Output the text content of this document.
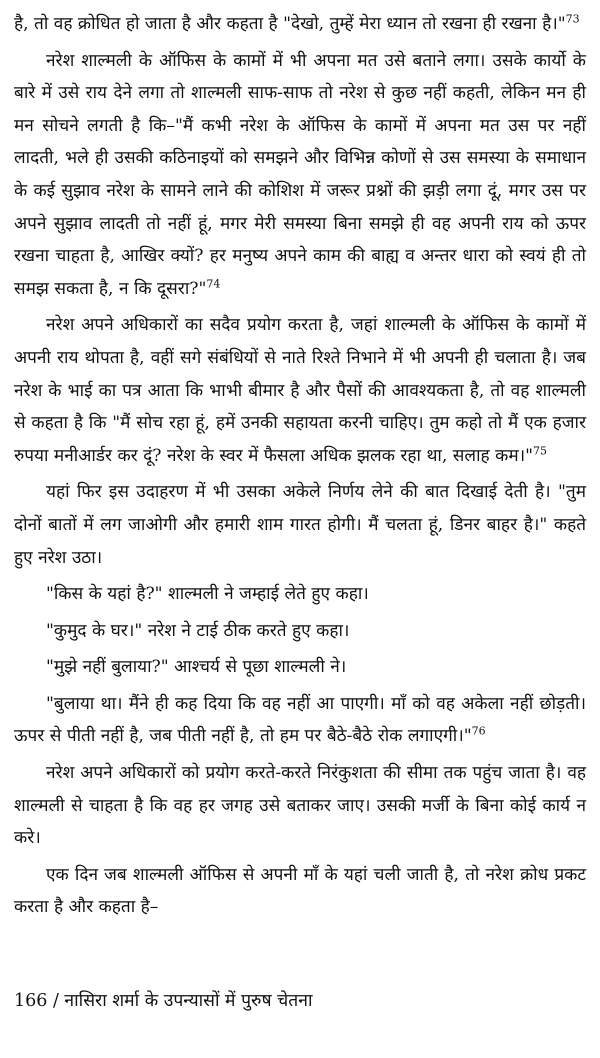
है, तो वह क्रोधित हो जाता है और कहता है "देखो, तुम्हें मेरा ध्यान तो रखना ही रखना है।"$^{73}$

नरेश शाल्मली के ऑफिस के कामों में भी अपना मत उसे बताने लगा। उसके कार्यो के बारे में उसे राय देने लगा तो शाल्मली साफ-साफ तो नरेश से कुछ नहीं कहती, लेकिन मन ही मन सोचने लगती है कि–"मैं कभी नरेश के ऑफिस के कामों में अपना मत उस पर नहीं लादती, भले ही उसकी कठिनाइयों को समझने और विभिन्न कोणों से उस समस्या के समाधान के कई सुझाव नरेश के सामने लाने की कोशिश में जरूर प्रश्नों की झड़ी लगा दूं, मगर उस पर अपने सुझाव लादती तो नहीं हूं, मगर मेरी समस्या बिना समझे ही वह अपनी राय को ऊपर रखना चाहता है, आखिर क्यों? हर मनुष्य अपने काम की बाह्य व अन्तर धारा को स्वयं ही तो समझ सकता है, न कि दूसरा?"$^{74}$

नरेश अपने अधिकारों का सदैव प्रयोग करता है, जहां शाल्मली के ऑफिस के कामों में अपनी राय थोपता है, वहीं सगे संबंधियों से नाते रिश्ते निभाने में भी अपनी ही चलाता है। जब नरेश के भाई का पत्र आता कि भाभी बीमार है और पैसों की आवश्यकता है, तो वह शाल्मली से कहता है कि "मैं सोच रहा हूं, हमें उनकी सहायता करनी चाहिए। तुम कहो तो मैं एक हजार रुपया मनीआर्डर कर दूं? नरेश के स्वर में फैसला अधिक झलक रहा था, सलाह कम।"$^{75}$

यहां फिर इस उदाहरण में भी उसका अकेले निर्णय लेने की बात दिखाई देती है। "तुम दोनों बातों में लग जाओगी और हमारी शाम गारत होगी। मैं चलता हूं, डिनर बाहर है।" कहते हुए नरेश उठा।

"किस के यहां है?" शाल्मली ने जम्हाई लेते हुए कहा।

"कुमुद के घर।" नरेश ने टाई ठीक करते हुए कहा।

"मुझे नहीं बुलाया?" आश्चर्य से पूछा शाल्मली ने।

"बुलाया था। मैंने ही कह दिया कि वह नहीं आ पाएगी। माँ को वह अकेला नहीं छोड़ती। ऊपर से पीती नहीं है, जब पीती नहीं है, तो हम पर बैठे-बैठे रोक लगाएगी।"$^{76}$

नरेश अपने अधिकारों को प्रयोग करते-करते निरंकुशता की सीमा तक पहुंच जाता है। वह शाल्मली से चाहता है कि वह हर जगह उसे बताकर जाए। उसकी मर्जी के बिना कोई कार्य न करे।

एक दिन जब शाल्मली ऑफिस से अपनी माँ के यहां चली जाती है, तो नरेश क्रोध प्रकट करता है और कहता है–

166 / नासिरा शर्मा के उपन्यासों में पुरुष चेतना
